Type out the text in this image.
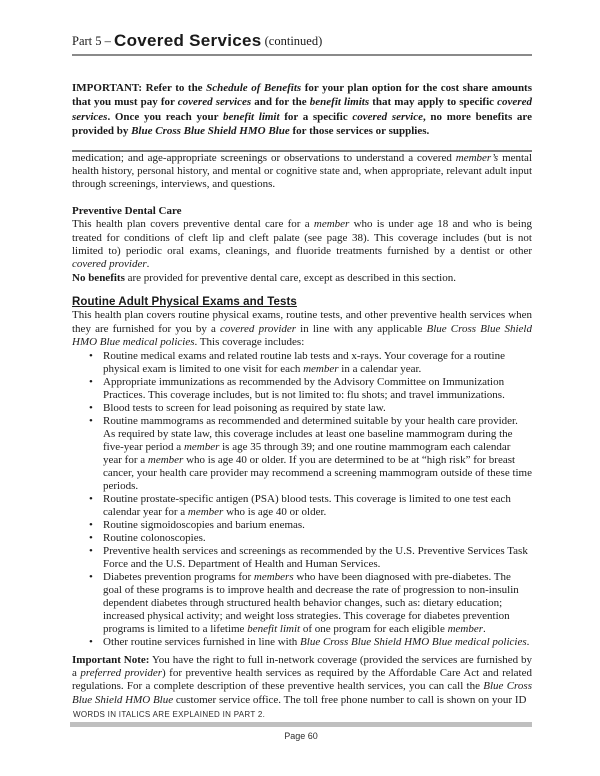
Part 5 – Covered Services (continued)

IMPORTANT: Refer to the Schedule of Benefits for your plan option for the cost share amounts that you must pay for covered services and for the benefit limits that may apply to specific covered services. Once you reach your benefit limit for a specific covered service, no more benefits are provided by Blue Cross Blue Shield HMO Blue for those services or supplies.

medication; and age-appropriate screenings or observations to understand a covered member’s mental health history, personal history, and mental or cognitive state and, when appropriate, relevant adult input through screenings, interviews, and questions.

Preventive Dental Care

This health plan covers preventive dental care for a member who is under age 18 and who is being treated for conditions of cleft lip and cleft palate (see page 38). This coverage includes (but is not limited to) periodic oral exams, cleanings, and fluoride treatments furnished by a dentist or other covered provider.

No benefits are provided for preventive dental care, except as described in this section.

Routine Adult Physical Exams and Tests

This health plan covers routine physical exams, routine tests, and other preventive health services when they are furnished for you by a covered provider in line with any applicable Blue Cross Blue Shield HMO Blue medical policies. This coverage includes:

• Routine medical exams and related routine lab tests and x-rays. Your coverage for a routine physical exam is limited to one visit for each member in a calendar year.
• Appropriate immunizations as recommended by the Advisory Committee on Immunization Practices. This coverage includes, but is not limited to: flu shots; and travel immunizations.
• Blood tests to screen for lead poisoning as required by state law.
• Routine mammograms as recommended and determined suitable by your health care provider. As required by state law, this coverage includes at least one baseline mammogram during the five-year period a member is age 35 through 39; and one routine mammogram each calendar year for a member who is age 40 or older. If you are determined to be at “high risk” for breast cancer, your health care provider may recommend a screening mammogram outside of these time periods.
• Routine prostate-specific antigen (PSA) blood tests. This coverage is limited to one test each calendar year for a member who is age 40 or older.
• Routine sigmoidoscopies and barium enemas.
• Routine colonoscopies.
• Preventive health services and screenings as recommended by the U.S. Preventive Services Task Force and the U.S. Department of Health and Human Services.
• Diabetes prevention programs for members who have been diagnosed with pre-diabetes. The goal of these programs is to improve health and decrease the rate of progression to non-insulin dependent diabetes through structured health behavior changes, such as: dietary education; increased physical activity; and weight loss strategies. This coverage for diabetes prevention programs is limited to a lifetime benefit limit of one program for each eligible member.
• Other routine services furnished in line with Blue Cross Blue Shield HMO Blue medical policies.

Important Note: You have the right to full in-network coverage (provided the services are furnished by a preferred provider) for preventive health services as required by the Affordable Care Act and related regulations. For a complete description of these preventive health services, you can call the Blue Cross Blue Shield HMO Blue customer service office. The toll free phone number to call is shown on your ID

WORDS IN ITALICS ARE EXPLAINED IN PART 2.
Page 60
